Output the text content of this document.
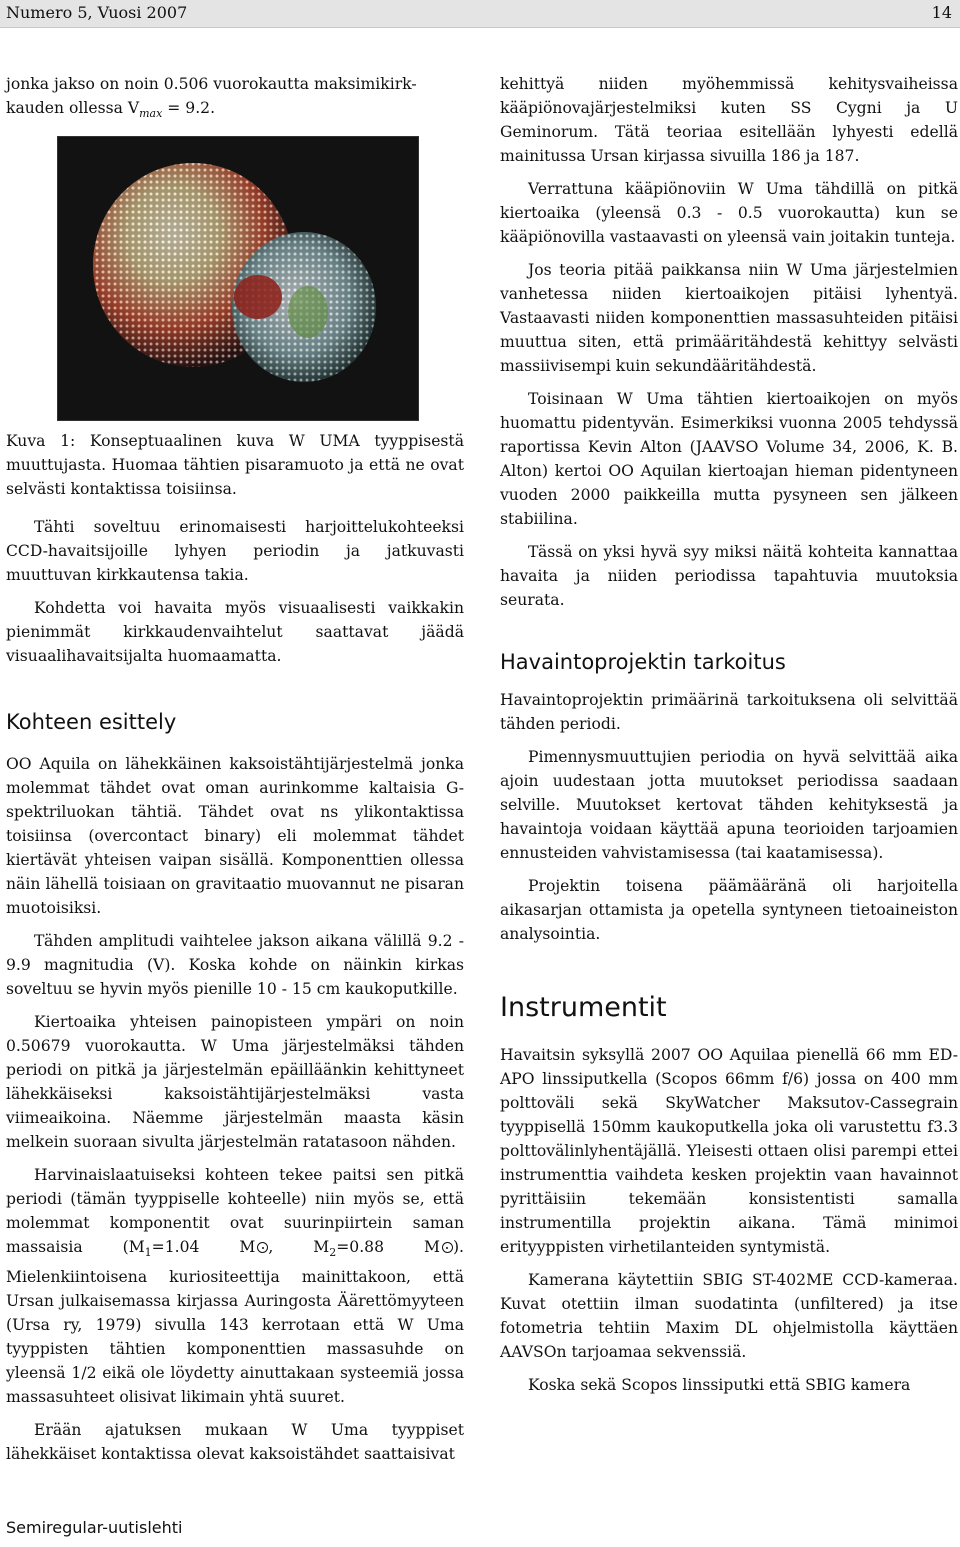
Numero 5, Vuosi 2007	14

jonka jakso on noin 0.506 vuorokautta maksimikirk-
kauden ollessa $V_{max} = 9.2$.

Kuva 1: Konseptuaalinen kuva W UMA tyyppisestä muuttujasta. Huomaa tähtien pisaramuoto ja että ne ovat selvästi kontaktissa toisiinsa.

Tähti soveltuu erinomaisesti harjoittelukohteeksi CCD-havaitsijoille lyhyen periodin ja jatkuvasti muuttuvan kirkkautensa takia.

Kohdetta voi havaita myös visuaalisesti vaikkakin pienimmät kirkkaudenvaihtelut saattavat jäädä visuaalihavaitsijalta huomaamatta.

Kohteen esittely

OO Aquila on lähekkäinen kaksoistähtijärjestelmä jonka molemmat tähdet ovat oman aurinkomme kaltaisia G-spektriluokan tähtiä. Tähdet ovat ns ylikontaktissa toisiinsa (overcontact binary) eli molemmat tähdet kiertävät yhteisen vaipan sisällä. Komponenttien ollessa näin lähellä toisiaan on gravitaatio muovannut ne pisaran muotoisiksi.

Tähden amplitudi vaihtelee jakson aikana välillä 9.2 - 9.9 magnitudia (V). Koska kohde on näinkin kirkas soveltuu se hyvin myös pienille 10 - 15 cm kaukoputkille.

Kiertoaika yhteisen painopisteen ympäri on noin 0.50679 vuorokautta. W Uma järjestelmäksi tähden periodi on pitkä ja järjestelmän epäilläänkin kehittyneet lähekkäiseksi kaksoistähtijärjestelmäksi vasta viimeaikoina. Näemme järjestelmän maasta käsin melkein suoraan sivulta järjestelmän ratatasoon nähden.

Harvinaislaatuiseksi kohteen tekee paitsi sen pitkä periodi (tämän tyyppiselle kohteelle) niin myös se, että molemmat komponentit ovat suurinpiirtein saman massaisia ($M_1=1.04$ M , $M_2=0.88$ M ). Mielenkiintoisena kuriositeettija mainittakoon, että Ursan julkaisemassa kirjassa Auringosta Äärettömyyteen (Ursa ry, 1979) sivulla 143 kerrotaan että W Uma tyyppisten tähtien komponenttien massasuhde on yleensä 1/2 eikä ole löydetty ainuttakaan systeemiä jossa massasuhteet olisivat likimain yhtä suuret.

Erään ajatuksen mukaan W Uma tyyppiset lähekkäiset kontaktissa olevat kaksoistähdet saattaisivat

kehittyä niiden myöhemmissä kehitysvaiheissa kääpiönovajärjestelmiksi kuten SS Cygni ja U Geminorum. Tätä teoriaa esitellään lyhyesti edellä mainitussa Ursan kirjassa sivuilla 186 ja 187.

Verrattuna kääpiönoviin W Uma tähdillä on pitkä kiertoaika (yleensä 0.3 - 0.5 vuorokautta) kun se kääpiönovilla vastaavasti on yleensä vain joitakin tunteja.

Jos teoria pitää paikkansa niin W Uma järjestelmien vanhetessa niiden kiertoaikojen pitäisi lyhentyä. Vastaavasti niiden komponenttien massasuhteiden pitäisi muuttua siten, että primääritähdestä kehittyy selvästi massiivisempi kuin sekundääritähdestä.

Toisinaan W Uma tähtien kiertoaikojen on myös huomattu pidentyvän. Esimerkiksi vuonna 2005 tehdyssä raportissa Kevin Alton (JAAVSO Volume 34, 2006, K. B. Alton) kertoi OO Aquilan kiertoajan hieman pidentyneen vuoden 2000 paikkeilla mutta pysyneen sen jälkeen stabiilina.

Tässä on yksi hyvä syy miksi näitä kohteita kannattaa havaita ja niiden periodissa tapahtuvia muutoksia seurata.

Havaintoprojektin tarkoitus

Havaintoprojektin primäärinä tarkoituksena oli selvittää tähden periodi.

Pimennysmuuttujien periodia on hyvä selvittää aika ajoin uudestaan jotta muutokset periodissa saadaan selville. Muutokset kertovat tähden kehityksestä ja havaintoja voidaan käyttää apuna teorioiden tarjoamien ennusteiden vahvistamisessa (tai kaatamisessa).

Projektin toisena päämääränä oli harjoitella aikasarjan ottamista ja opetella syntyneen tietoaineiston analysointia.

Instrumentit

Havaitsin syksyllä 2007 OO Aquilaa pienellä 66 mm ED-APO linssiputkella (Scopos 66mm f/6) jossa on 400 mm polttoväli sekä SkyWatcher Maksutov-Cassegrain tyyppisellä 150mm kaukoputkella joka oli varustettu f3.3 polttovälinlyhentäjällä. Yleisesti ottaen olisi parempi ettei instrumenttia vaihdeta kesken projektin vaan havainnot pyrittäisiin tekemään konsistentisti samalla instrumentilla projektin aikana. Tämä minimoi erityyppisten virhetilanteiden syntymistä.

Kamerana käytettiin SBIG ST-402ME CCD-kameraa. Kuvat otettiin ilman suodatinta (unfiltered) ja itse fotometria tehtiin Maxim DL ohjelmistolla käyttäen AAVSOn tarjoamaa sekvenssiä.

Koska sekä Scopos linssiputki että SBIG kamera

Semiregular-uutislehti
